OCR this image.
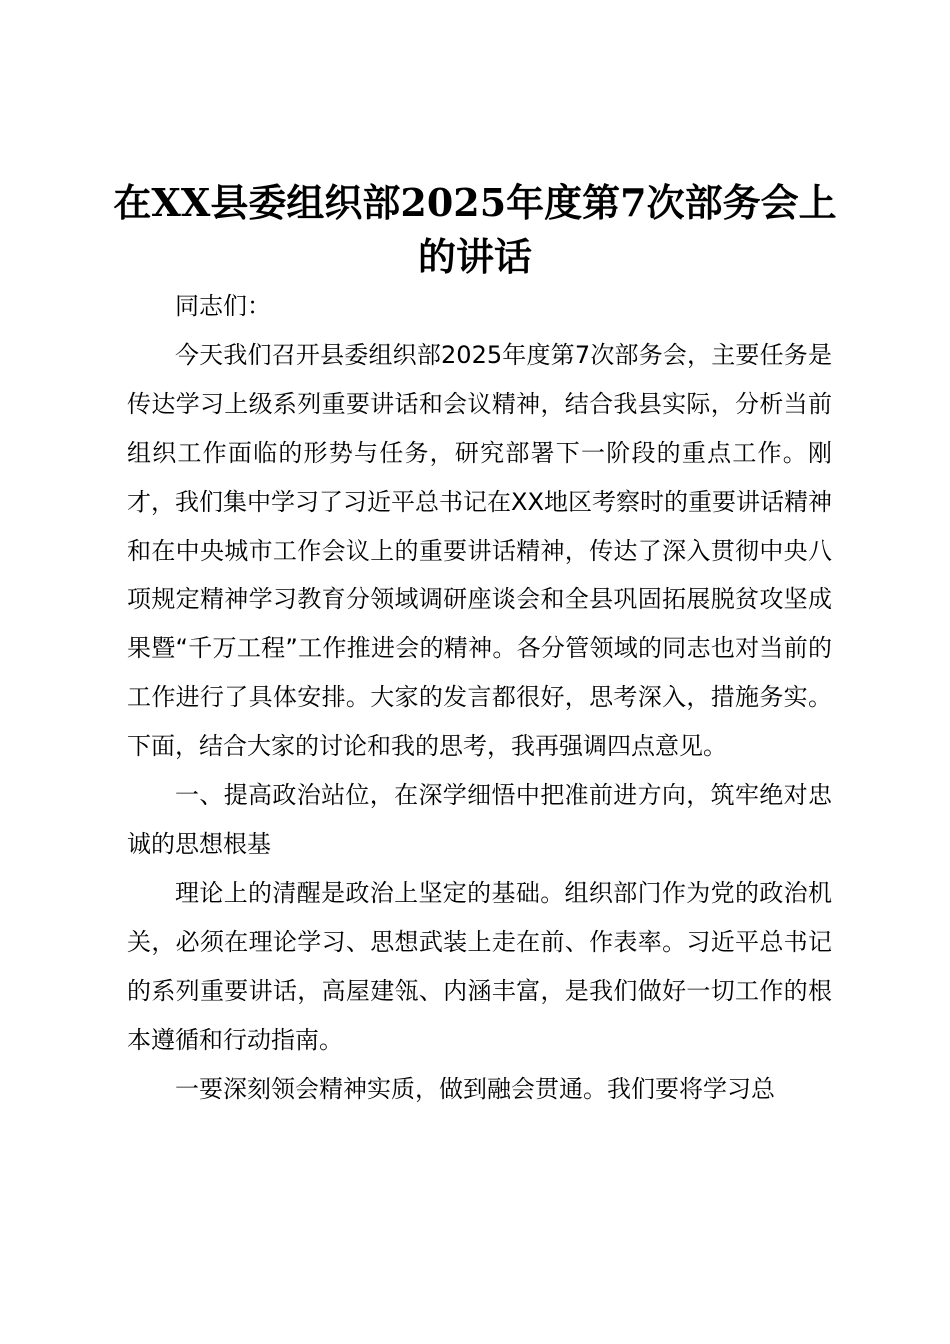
在XX县委组织部2025年度第7次部务会上的讲话

同志们：

今天我们召开县委组织部2025年度第7次部务会，主要任务是传达学习上级系列重要讲话和会议精神，结合我县实际，分析当前组织工作面临的形势与任务，研究部署下一阶段的重点工作。刚才，我们集中学习了习近平总书记在XX地区考察时的重要讲话精神和在中央城市工作会议上的重要讲话精神，传达了深入贯彻中央八项规定精神学习教育分领域调研座谈会和全县巩固拓展脱贫攻坚成果暨“千万工程”工作推进会的精神。各分管领域的同志也对当前的工作进行了具体安排。大家的发言都很好，思考深入，措施务实。下面，结合大家的讨论和我的思考，我再强调四点意见。

一、提高政治站位，在深学细悟中把准前进方向，筑牢绝对忠诚的思想根基

理论上的清醒是政治上坚定的基础。组织部门作为党的政治机关，必须在理论学习、思想武装上走在前、作表率。习近平总书记的系列重要讲话，高屋建瓴、内涵丰富，是我们做好一切工作的根本遵循和行动指南。

一要深刻领会精神实质，做到融会贯通。我们要将学习总
